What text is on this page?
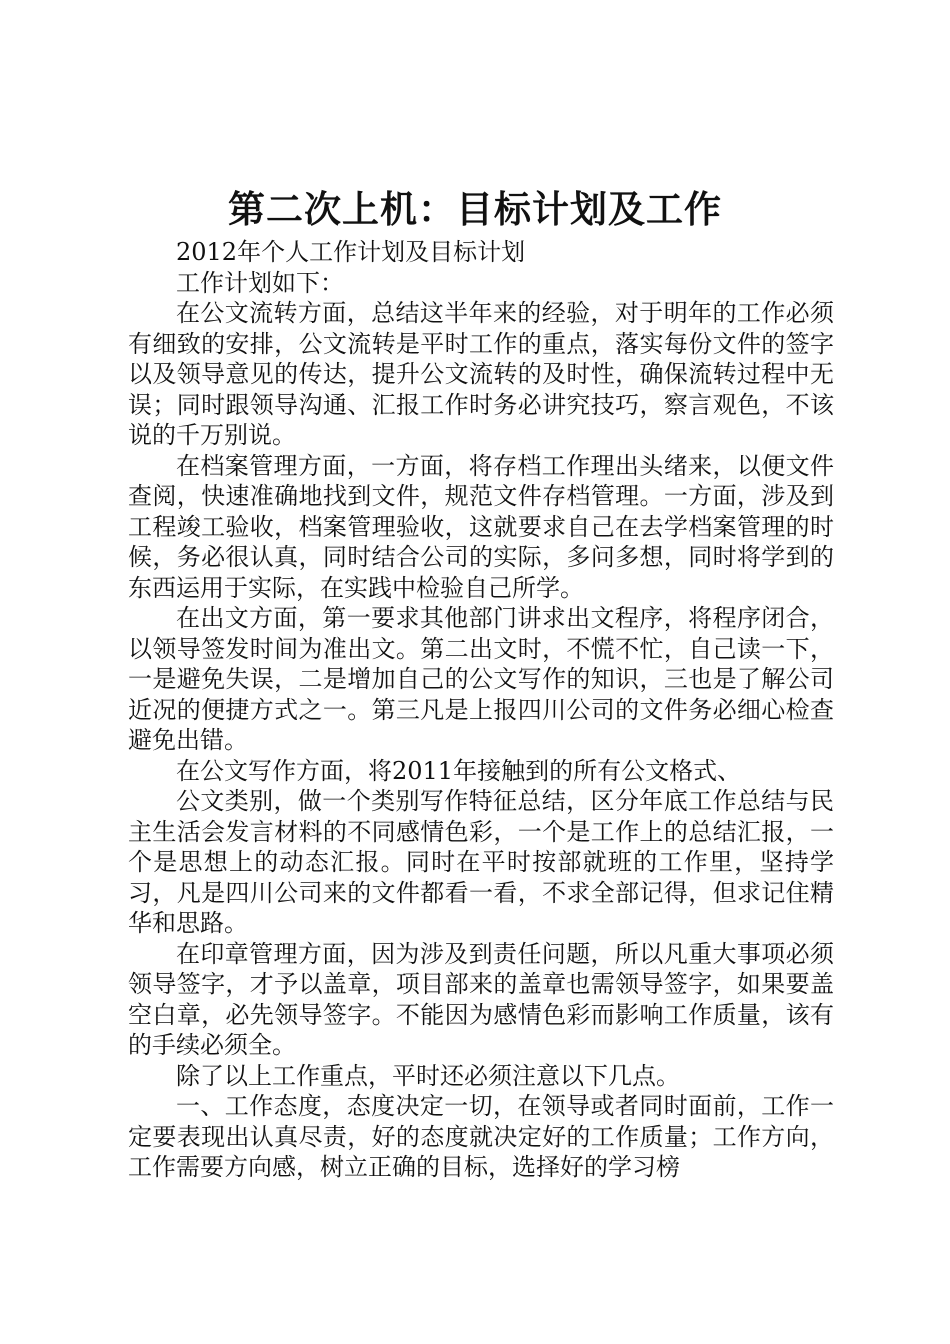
第二次上机：目标计划及工作

2012年个人工作计划及目标计划

工作计划如下：

在公文流转方面，总结这半年来的经验，对于明年的工作必须有细致的安排，公文流转是平时工作的重点，落实每份文件的签字以及领导意见的传达，提升公文流转的及时性，确保流转过程中无误；同时跟领导沟通、汇报工作时务必讲究技巧，察言观色，不该说的千万别说。

在档案管理方面，一方面，将存档工作理出头绪来，以便文件查阅，快速准确地找到文件，规范文件存档管理。一方面，涉及到工程竣工验收，档案管理验收，这就要求自己在去学档案管理的时候，务必很认真，同时结合公司的实际，多问多想，同时将学到的东西运用于实际，在实践中检验自己所学。

在出文方面，第一要求其他部门讲求出文程序，将程序闭合，以领导签发时间为准出文。第二出文时，不慌不忙，自己读一下，一是避免失误，二是增加自己的公文写作的知识，三也是了解公司近况的便捷方式之一。第三凡是上报四川公司的文件务必细心检查避免出错。

在公文写作方面，将2011年接触到的所有公文格式、

公文类别，做一个类别写作特征总结，区分年底工作总结与民主生活会发言材料的不同感情色彩，一个是工作上的总结汇报，一个是思想上的动态汇报。同时在平时按部就班的工作里，坚持学习，凡是四川公司来的文件都看一看，不求全部记得，但求记住精华和思路。

在印章管理方面，因为涉及到责任问题，所以凡重大事项必须领导签字，才予以盖章，项目部来的盖章也需领导签字，如果要盖空白章，必先领导签字。不能因为感情色彩而影响工作质量，该有的手续必须全。

除了以上工作重点，平时还必须注意以下几点。

一、工作态度，态度决定一切，在领导或者同时面前，工作一定要表现出认真尽责，好的态度就决定好的工作质量；工作方向，工作需要方向感，树立正确的目标，选择好的学习榜
